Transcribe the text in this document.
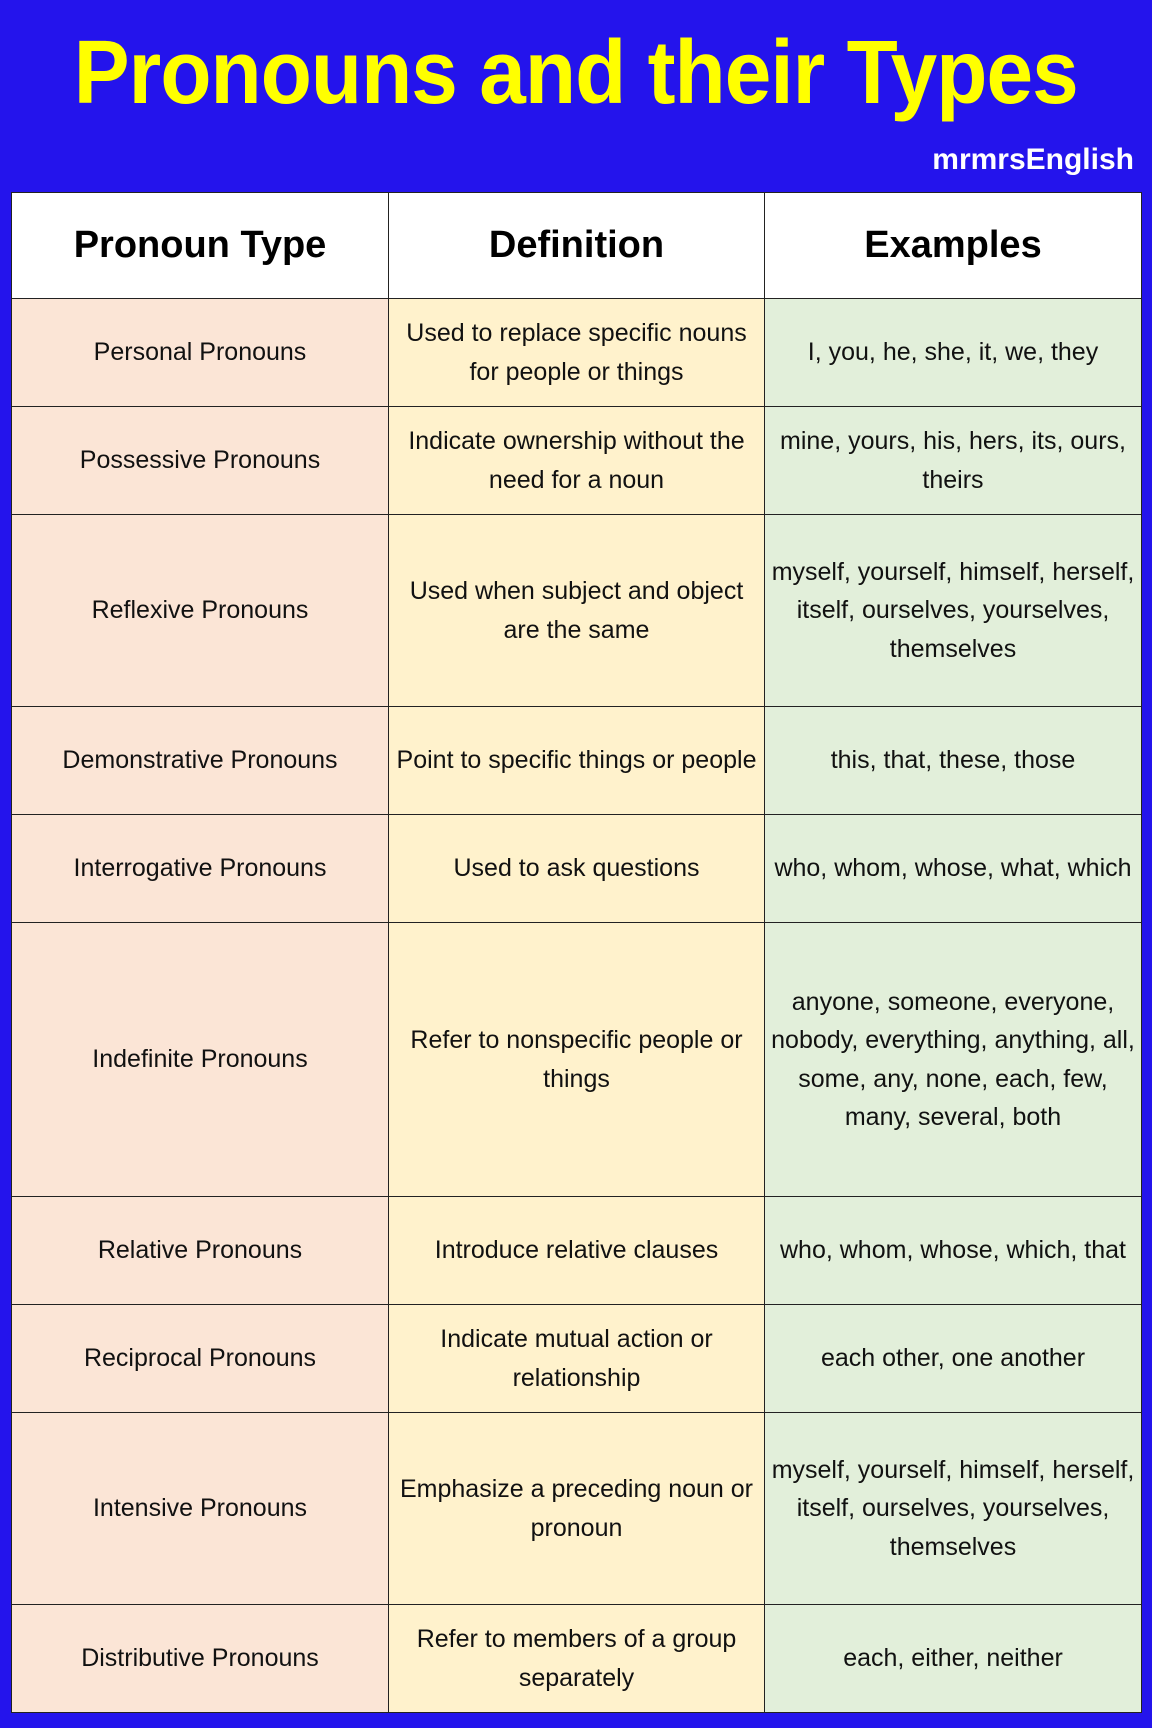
Pronouns and their Types
mrmrsEnglish
Pronoun Type	Definition	Examples
Personal Pronouns	Used to replace specific nouns for people or things	I, you, he, she, it, we, they
Possessive Pronouns	Indicate ownership without the need for a noun	mine, yours, his, hers, its, ours, theirs
Reflexive Pronouns	Used when subject and object are the same	myself, yourself, himself, herself, itself, ourselves, yourselves, themselves
Demonstrative Pronouns	Point to specific things or people	this, that, these, those
Interrogative Pronouns	Used to ask questions	who, whom, whose, what, which
Indefinite Pronouns	Refer to nonspecific people or things	anyone, someone, everyone, nobody, everything, anything, all, some, any, none, each, few, many, several, both
Relative Pronouns	Introduce relative clauses	who, whom, whose, which, that
Reciprocal Pronouns	Indicate mutual action or relationship	each other, one another
Intensive Pronouns	Emphasize a preceding noun or pronoun	myself, yourself, himself, herself, itself, ourselves, yourselves, themselves
Distributive Pronouns	Refer to members of a group separately	each, either, neither
